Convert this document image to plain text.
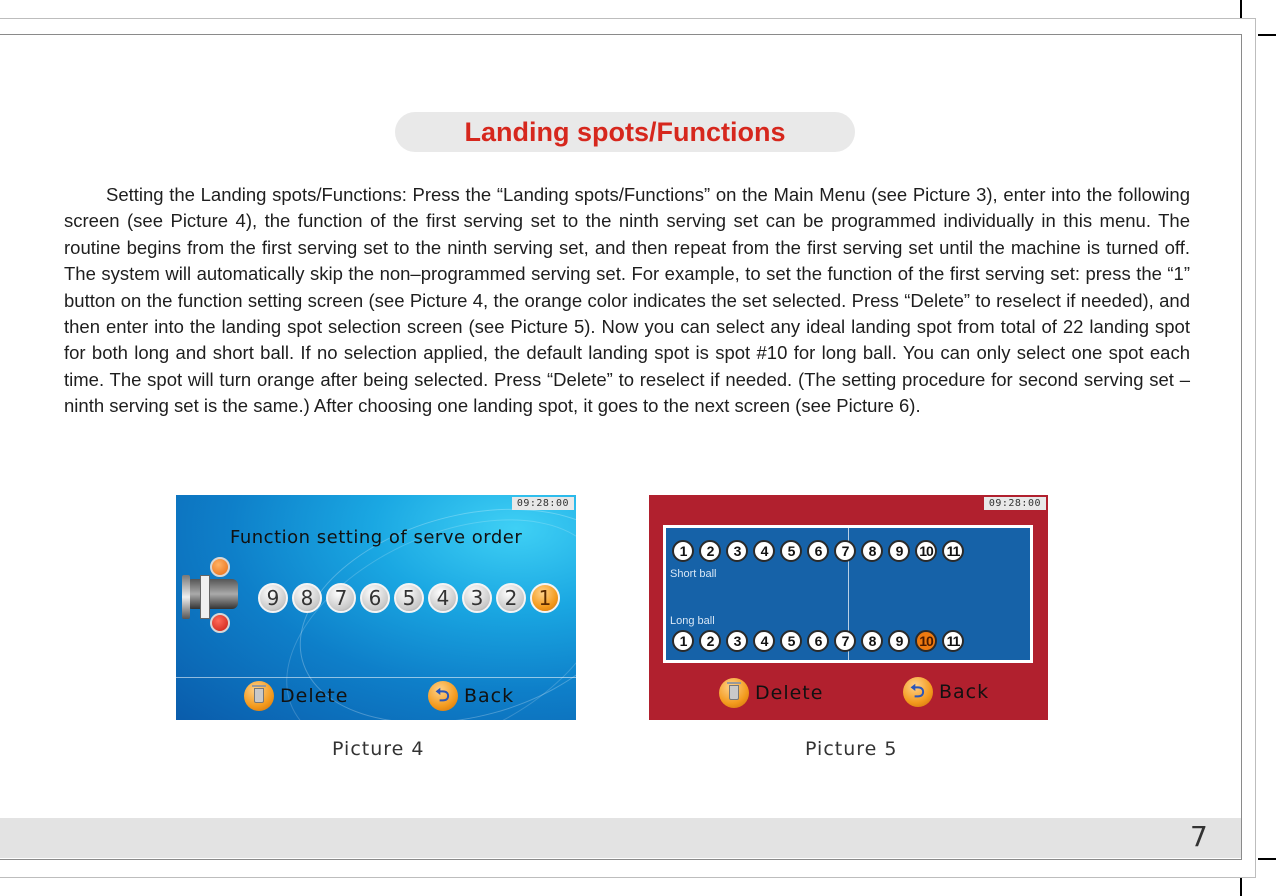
Landing spots/Functions

Setting the Landing spots/Functions: Press the “Landing spots/Functions” on the Main Menu (see Picture 3), enter into the following screen (see Picture 4), the function of the first serving set to the ninth serving set can be programmed individually in this menu. The routine begins from the first serving set to the ninth serving set, and then repeat from the first serving set until the machine is turned off. The system will automatically skip the non–programmed serving set. For example, to set the function of the first serving set: press the “1” button on the function setting screen (see Picture 4, the orange color indicates the set selected. Press “Delete” to reselect if needed), and then enter into the landing spot selection screen (see Picture 5). Now you can select any ideal landing spot from total of 22 landing spot for both long and short ball. If no selection applied, the default landing spot is spot #10 for long ball. You can only select one spot each time. The spot will turn orange after being selected. Press “Delete” to reselect if needed. (The setting procedure for second serving set – ninth serving set is the same.) After choosing one landing spot, it goes to the next screen (see Picture 6).

09:28:00
Function setting of serve order
9	8	7	6	5	4	3	2	1
Delete	⮌ Back
Picture 4
09:28:00
1	2	3	4	5	6	7	8	9	10 11
Short ball
Long ball
1	2	3	4	5	6	7	8	9	10 11
Delete	⮌ Back
Picture 5
7
